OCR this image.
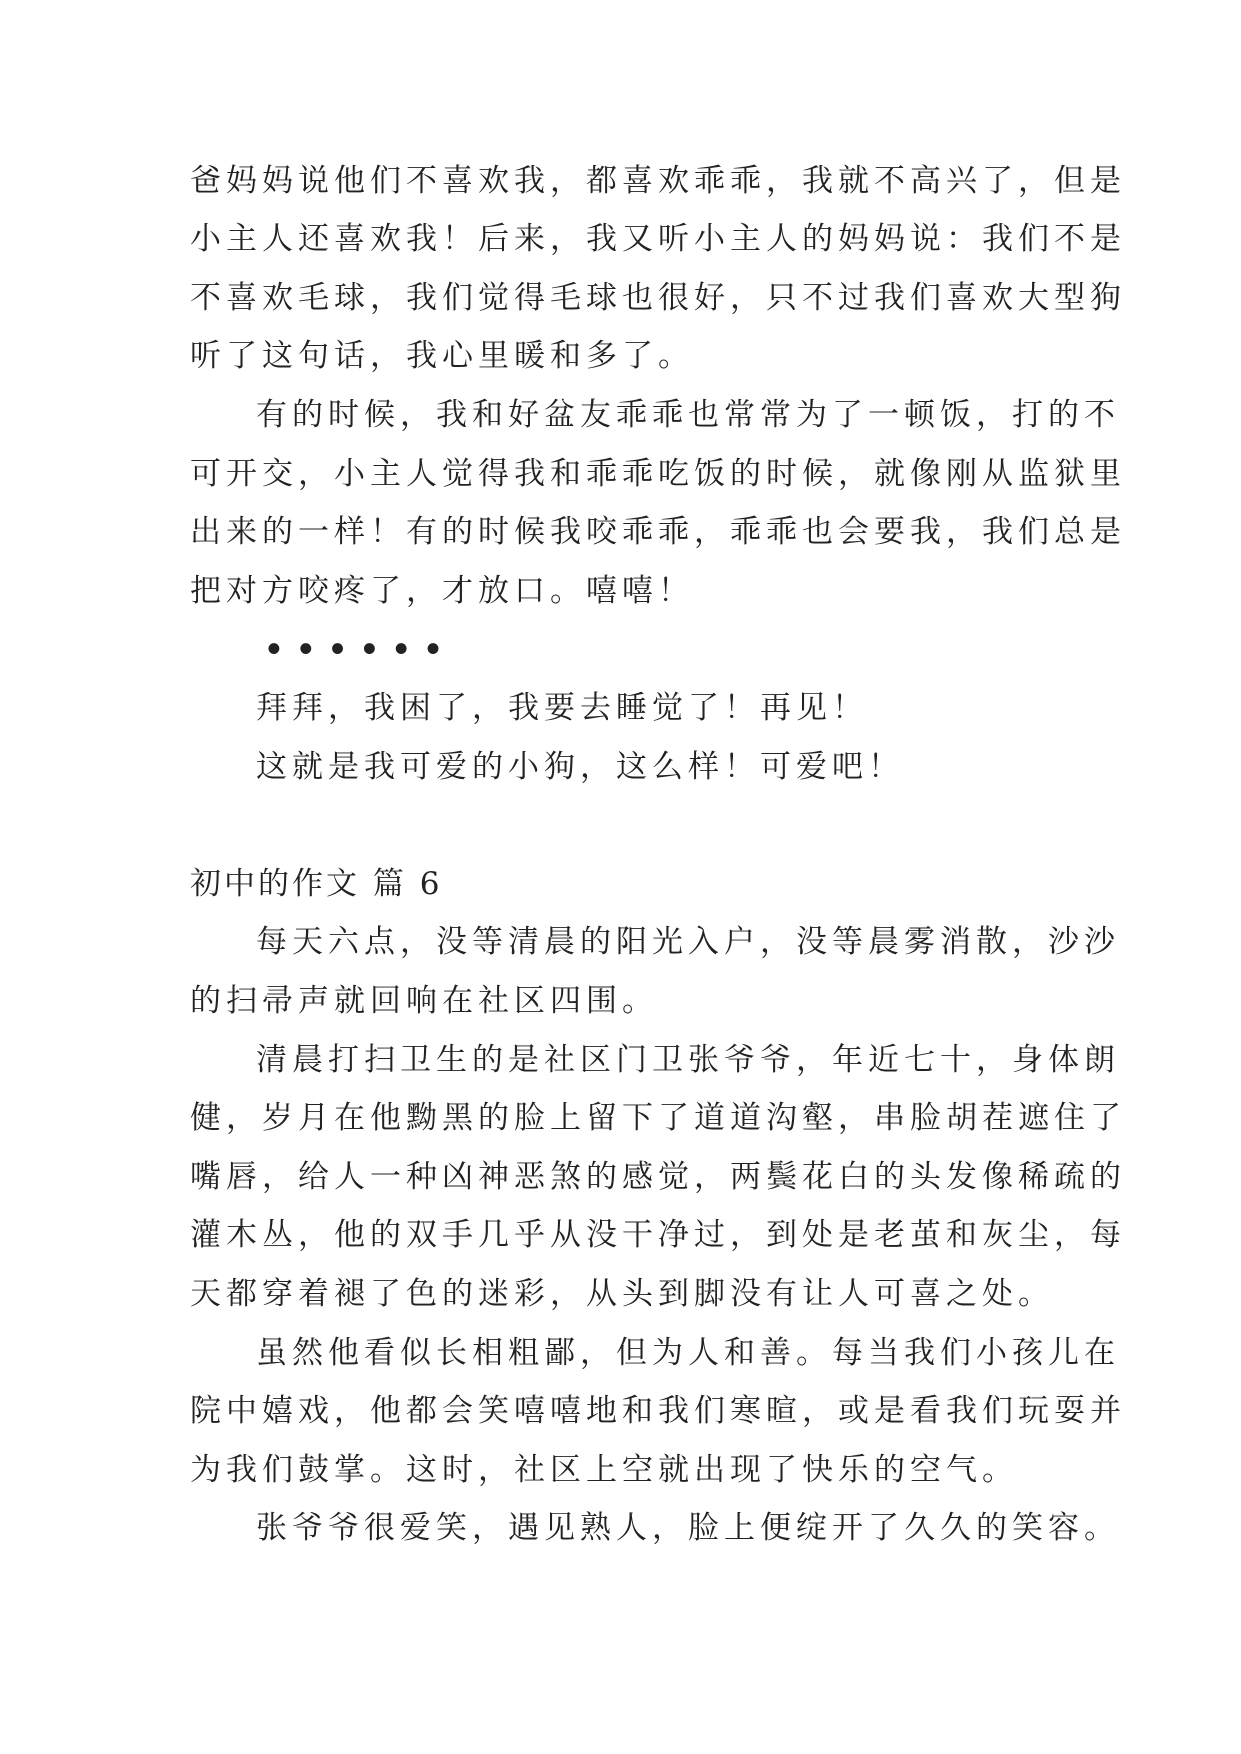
爸妈妈说他们不喜欢我，都喜欢乖乖，我就不高兴了，但是
小主人还喜欢我！后来，我又听小主人的妈妈说：我们不是
不喜欢毛球，我们觉得毛球也很好，只不过我们喜欢大型狗
听了这句话，我心里暖和多了。
有的时候，我和好盆友乖乖也常常为了一顿饭，打的不
可开交，小主人觉得我和乖乖吃饭的时候，就像刚从监狱里
出来的一样！有的时候我咬乖乖，乖乖也会要我，我们总是
把对方咬疼了，才放口。嘻嘻！
••••••
拜拜，我困了，我要去睡觉了！再见！
这就是我可爱的小狗，这么样！可爱吧！
初中的作文 篇 6
每天六点，没等清晨的阳光入户，没等晨雾消散，沙沙
的扫帚声就回响在社区四围。
清晨打扫卫生的是社区门卫张爷爷，年近七十，身体朗
健，岁月在他黝黑的脸上留下了道道沟壑，串脸胡茬遮住了
嘴唇，给人一种凶神恶煞的感觉，两鬓花白的头发像稀疏的
灌木丛，他的双手几乎从没干净过，到处是老茧和灰尘，每
天都穿着褪了色的迷彩，从头到脚没有让人可喜之处。
虽然他看似长相粗鄙，但为人和善。每当我们小孩儿在
院中嬉戏，他都会笑嘻嘻地和我们寒暄，或是看我们玩耍并
为我们鼓掌。这时，社区上空就出现了快乐的空气。
张爷爷很爱笑，遇见熟人，脸上便绽开了久久的笑容。
